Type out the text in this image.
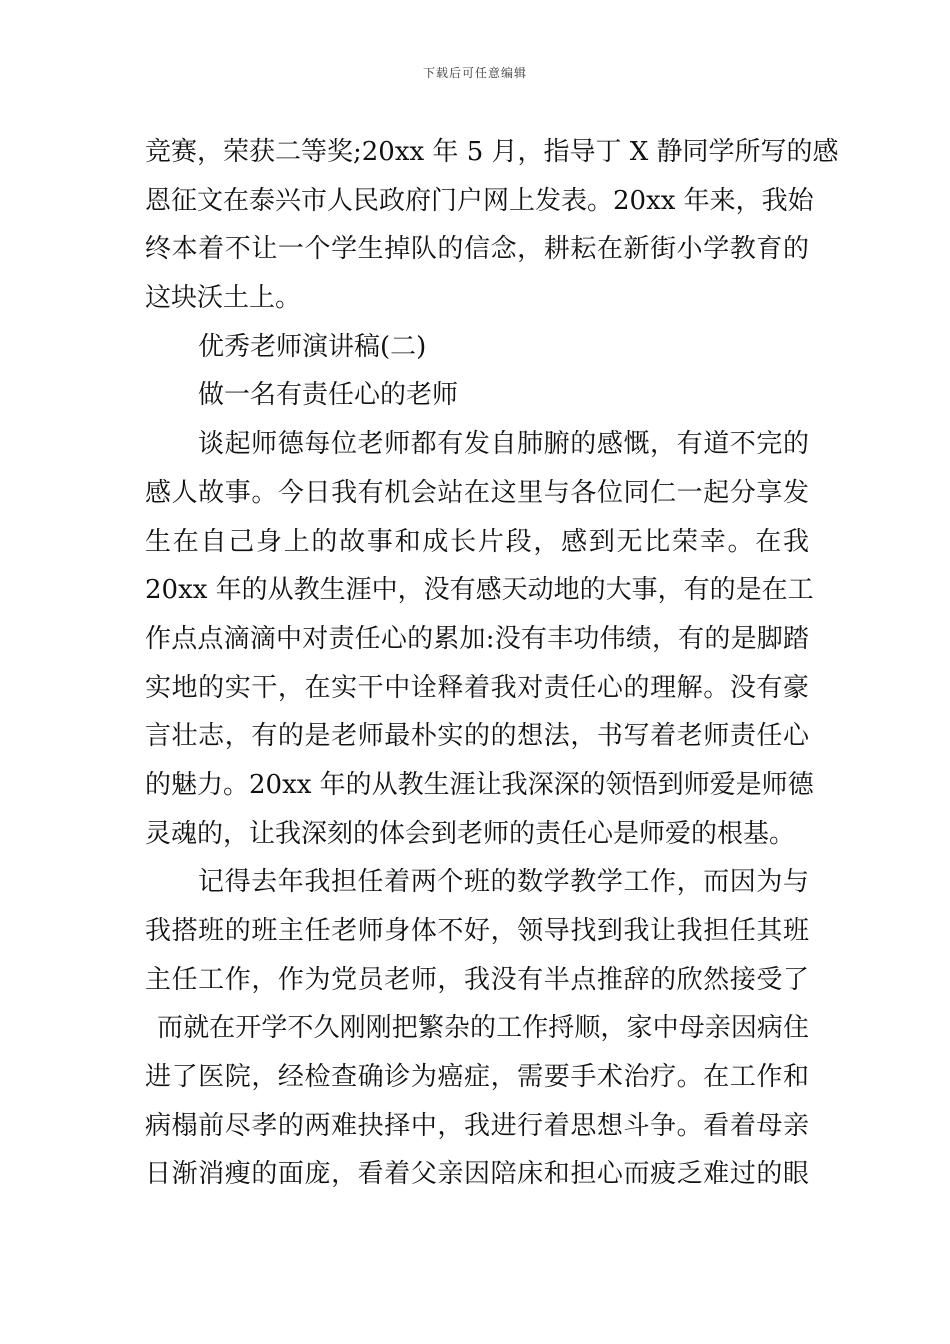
下载后可任意编辑
竞赛，荣获二等奖;20xx 年 5 月，指导丁 X 静同学所写的感
恩征文在泰兴市人民政府门户网上发表。20xx 年来，我始
终本着不让一个学生掉队的信念，耕耘在新街小学教育的
这块沃土上。
优秀老师演讲稿(二)
做一名有责任心的老师
谈起师德每位老师都有发自肺腑的感慨，有道不完的
感人故事。今日我有机会站在这里与各位同仁一起分享发
生在自己身上的故事和成长片段，感到无比荣幸。在我
20xx 年的从教生涯中，没有感天动地的大事，有的是在工
作点点滴滴中对责任心的累加:没有丰功伟绩，有的是脚踏
实地的实干，在实干中诠释着我对责任心的理解。没有豪
言壮志，有的是老师最朴实的的想法，书写着老师责任心
的魅力。20xx 年的从教生涯让我深深的领悟到师爱是师德
灵魂的，让我深刻的体会到老师的责任心是师爱的根基。
记得去年我担任着两个班的数学教学工作，而因为与
我搭班的班主任老师身体不好，领导找到我让我担任其班
主任工作，作为党员老师，我没有半点推辞的欣然接受了
而就在开学不久刚刚把繁杂的工作捋顺，家中母亲因病住
进了医院，经检查确诊为癌症，需要手术治疗。在工作和
病榻前尽孝的两难抉择中，我进行着思想斗争。看着母亲
日渐消瘦的面庞，看着父亲因陪床和担心而疲乏难过的眼
